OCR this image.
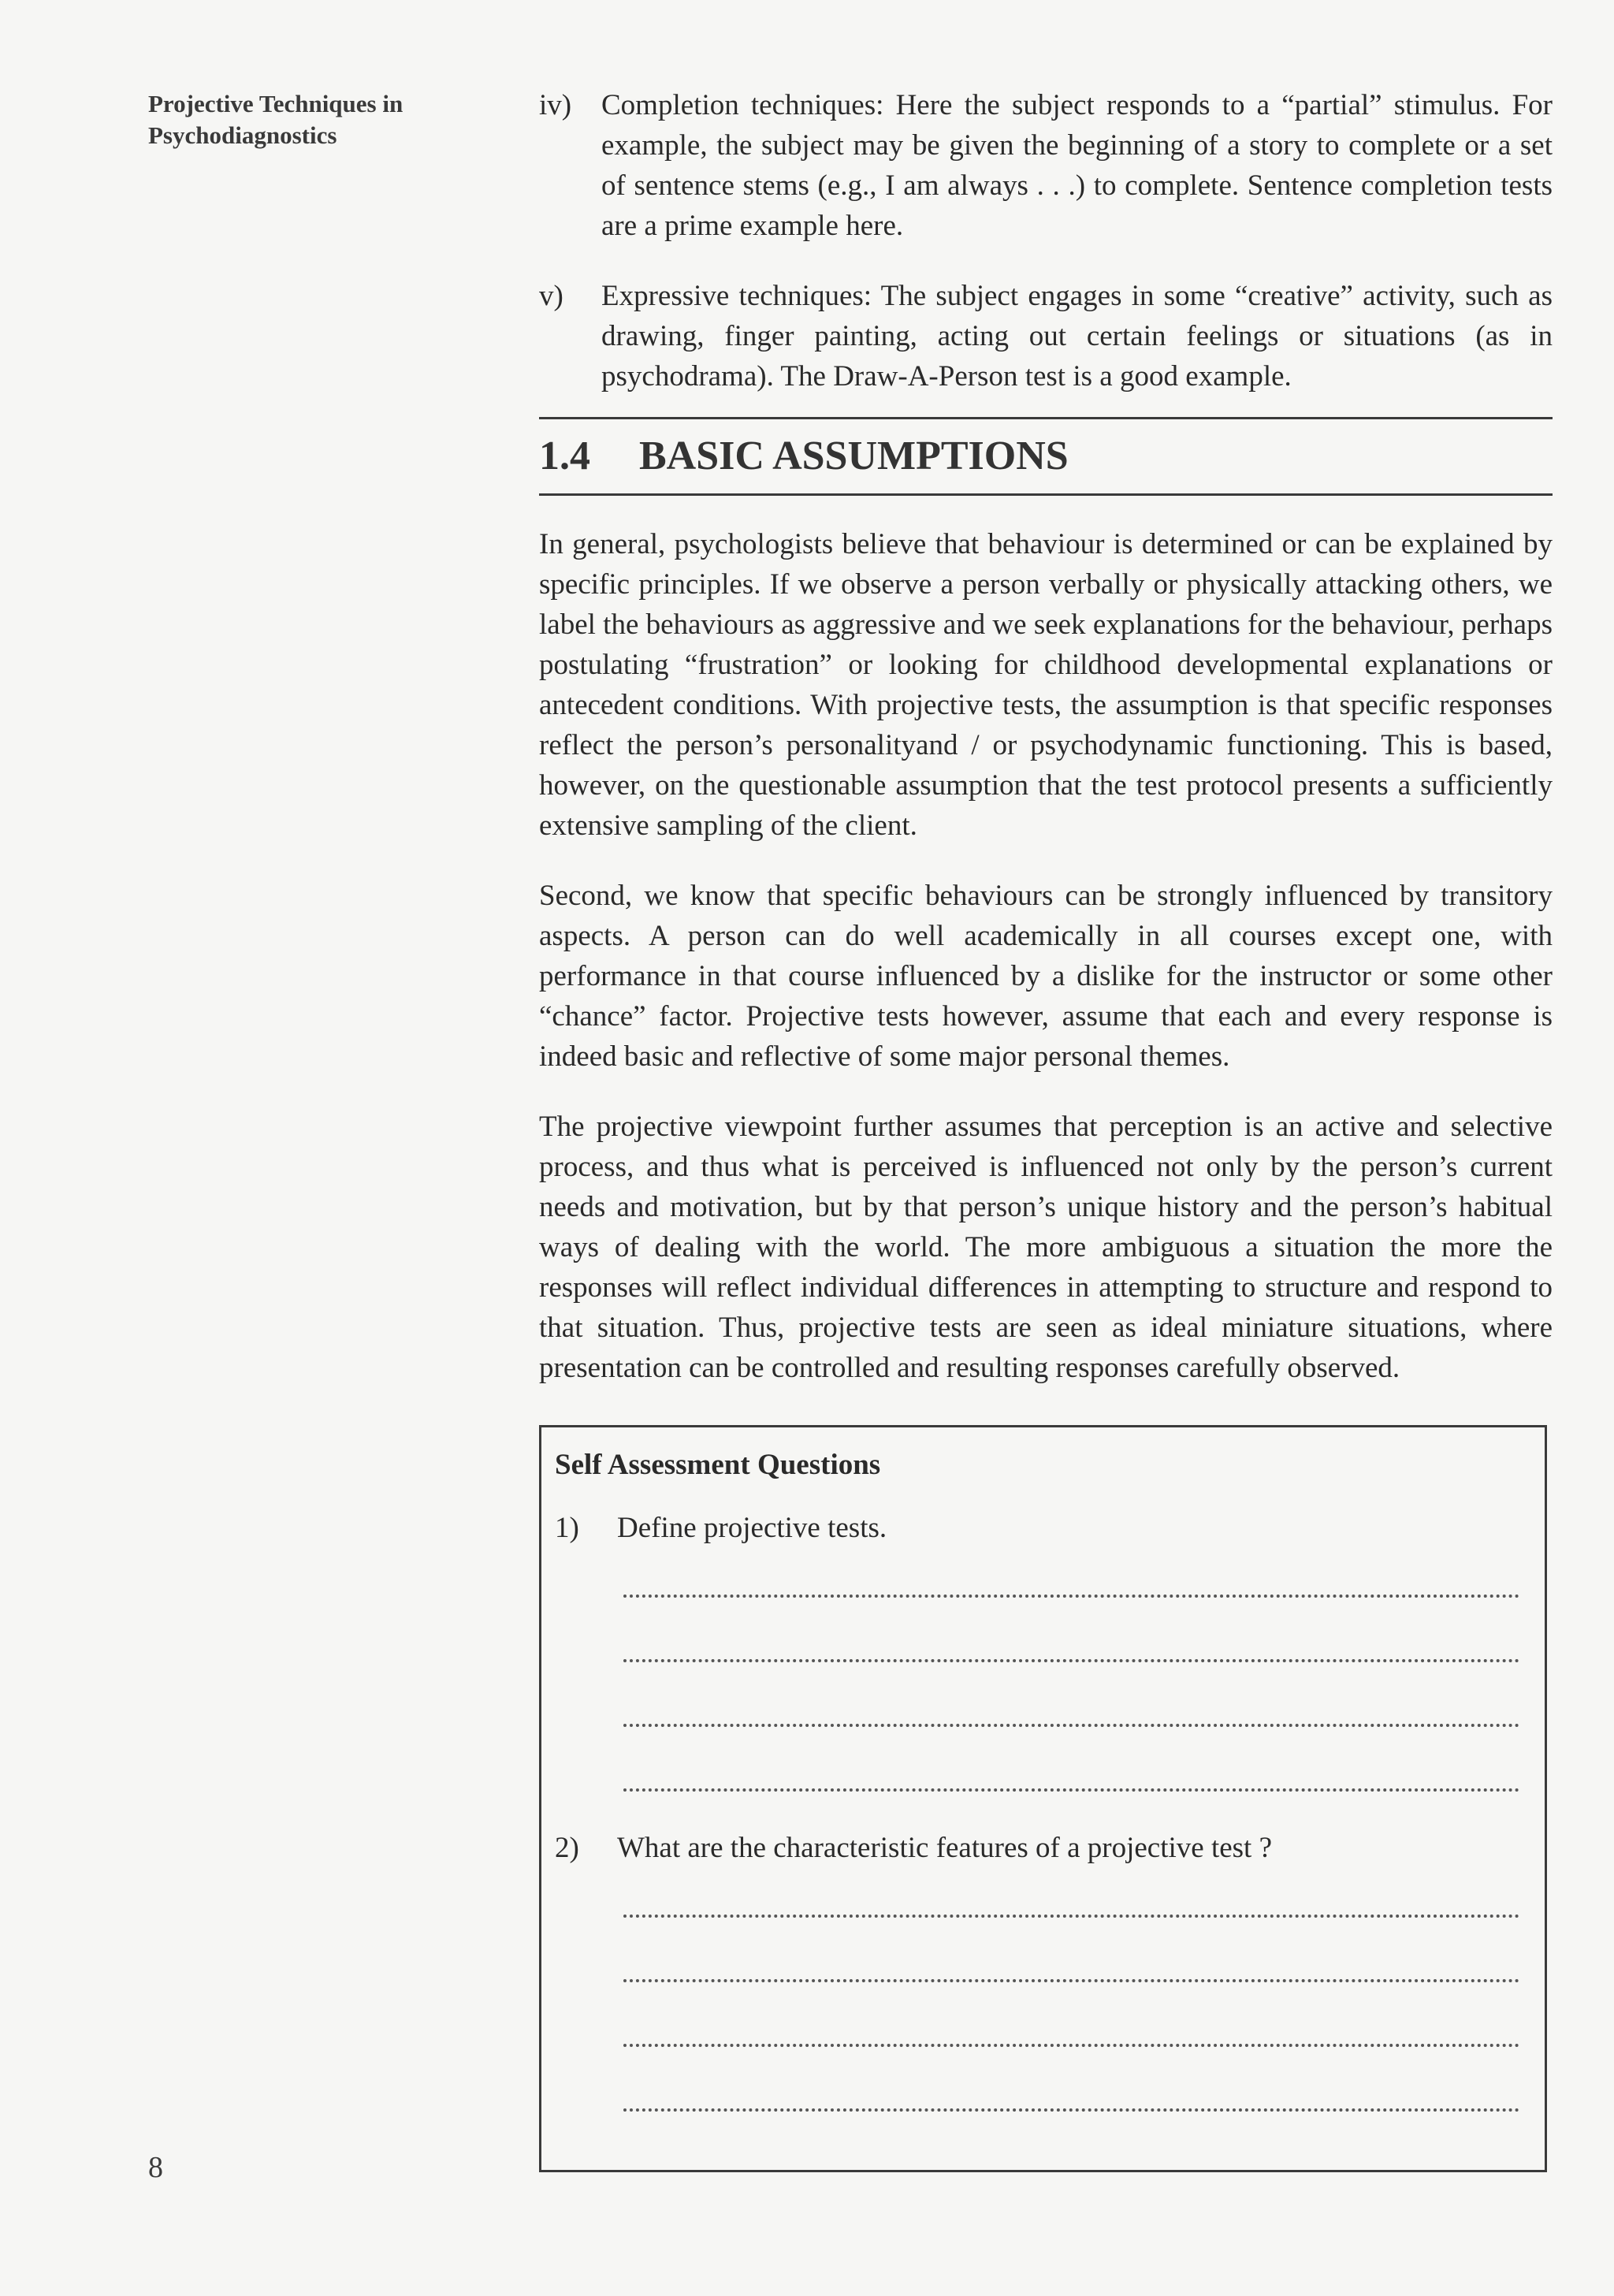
Projective Techniques in Psychodiagnostics
iv)	Completion techniques: Here the subject responds to a “partial” stimulus. For example, the subject may be given the beginning of a story to complete or a set of sentence stems (e.g., I am always . . .) to complete. Sentence completion tests are a prime example here.
v)	Expressive techniques: The subject engages in some “creative” activity, such as drawing, finger painting, acting out certain feelings or situations (as in psychodrama). The Draw-A-Person test is a good example.
1.4 BASIC ASSUMPTIONS

In general, psychologists believe that behaviour is determined or can be explained by specific principles. If we observe a person verbally or physically attacking others, we label the behaviours as aggressive and we seek explanations for the behaviour, perhaps postulating “frustration” or looking for childhood developmental explanations or antecedent conditions. With projective tests, the assumption is that specific responses reflect the person’s personalityand / or psychodynamic functioning. This is based, however, on the questionable assumption that the test protocol presents a sufficiently extensive sampling of the client.

Second, we know that specific behaviours can be strongly influenced by transitory aspects. A person can do well academically in all courses except one, with performance in that course influenced by a dislike for the instructor or some other “chance” factor. Projective tests however, assume that each and every response is indeed basic and reflective of some major personal themes.

The projective viewpoint further assumes that perception is an active and selective process, and thus what is perceived is influenced not only by the person’s current needs and motivation, but by that person’s unique history and the person’s habitual ways of dealing with the world. The more ambiguous a situation the more the responses will reflect individual differences in attempting to structure and respond to that situation. Thus, projective tests are seen as ideal miniature situations, where presentation can be controlled and resulting responses carefully observed.

Self Assessment Questions
1)	Define projective tests.
2)	What are the characteristic features of a projective test ?
8
